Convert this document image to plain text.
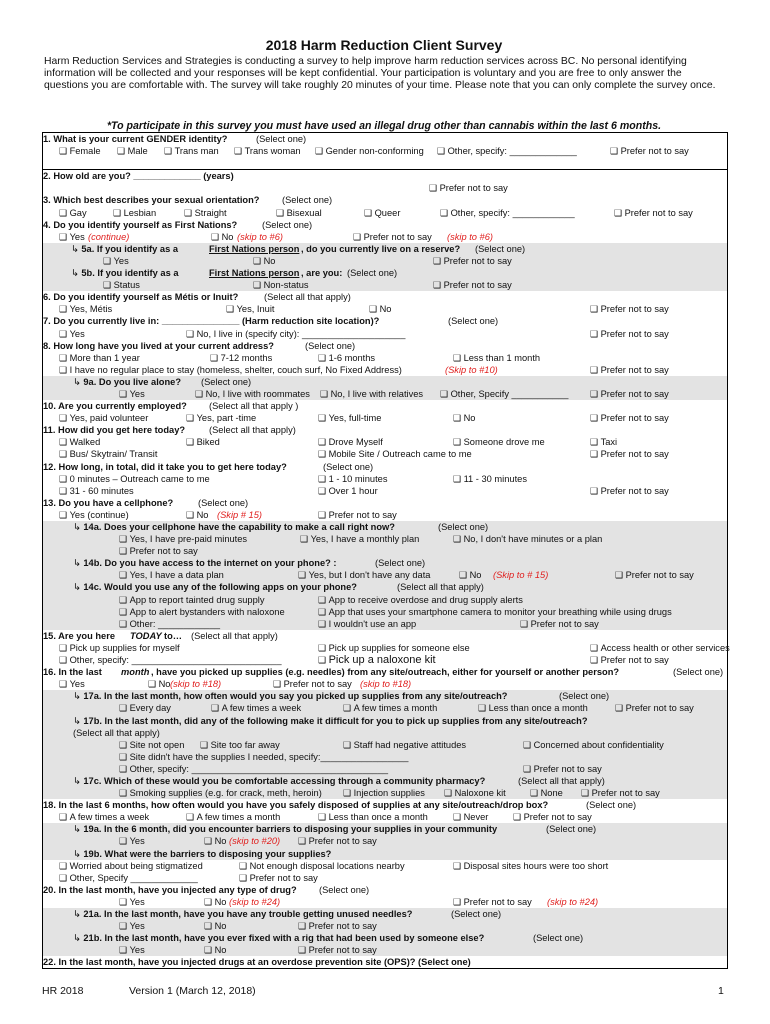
2018 Harm Reduction Client Survey
Harm Reduction Services and Strategies is conducting a survey to help improve harm reduction services across BC. No personal identifying information will be collected and your responses will be kept confidential. Your participation is voluntary and you are free to only answer the questions you are comfortable with. The survey will take roughly 20 minutes of your time. Please note that you can only complete the survey once.
*To participate in this survey you must have used an illegal drug other than cannabis within the last 6 months.
1. What is your current GENDER identity?	(Select one)
❑ Female	❑ Male	❑ Trans man	❑ Trans woman	❑ Gender non-conforming	❑ Other, specify: _____________	❑ Prefer not to say
2. How old are you? _____________ (years)
❑ Prefer not to say
3. Which best describes your sexual orientation? (Select one)
❑ Gay	❑ Lesbian	❑ Straight	❑ Bisexual	❑ Queer	❑ Other, specify: ____________	❑ Prefer not to say
4. Do you identify yourself as First Nations?	(Select one)
❑ Yes (continue)	❑ No (skip to #6)	❑ Prefer not to say (skip to #6)
↳ 5a. If you identify as a	First Nations person , do you currently live on a reserve? (Select one)
❑ Yes	❑ No	❑ Prefer not to say
↳ 5b. If you identify as a	First Nations person , are you: (Select one)
❑ Status	❑ Non-status	❑ Prefer not to say
6. Do you identify yourself as Métis or Inuit?	(Select all that apply)
❑ Yes, Métis	❑ Yes, Inuit	❑ No	❑ Prefer not to say
7. Do you currently live in: _______________ (Harm reduction site location)?	(Select one)
❑ Yes	❑ No, I live in (specify city): ____________________	❑ Prefer not to say
8. How long have you lived at your current address?	(Select one)
❑ More than 1 year	❑ 7-12 months	❑ 1-6 months	❑ Less than 1 month
❑ I have no regular place to stay (homeless, shelter, couch surf, No Fixed Address)	(Skip to #10)	❑ Prefer not to say
↳ 9a. Do you live alone? (Select one)
❑ Yes	❑ No, I live with roommates	❑ No, I live with relatives	❑ Other, Specify ___________	❑ Prefer not to say
10. Are you currently employed? (Select all that apply )
❑ Yes, paid volunteer	❑ Yes, part -time	❑ Yes, full-time	❑ No	❑ Prefer not to say
11. How did you get here today?	(Select all that apply)
❑ Walked	❑ Biked	❑ Drove Myself	❑ Someone drove me	❑ Taxi
❑ Bus/ Skytrain/ Transit	❑ Mobile Site / Outreach came to me	❑ Prefer not to say
12. How long, in total, did it take you to get here today?	(Select one)
❑ 0 minutes – Outreach came to me	❑ 1 - 10 minutes	❑ 11 - 30 minutes
❑ 31 - 60 minutes	❑ Over 1 hour	❑ Prefer not to say
13. Do you have a cellphone?	(Select one)
❑ Yes (continue)	❑ No (Skip # 15)	❑ Prefer not to say
↳ 14a. Does your cellphone have the capability to make a call right now?	(Select one)
❑ Yes, I have pre-paid minutes	❑ Yes, I have a monthly plan	❑ No, I don't have minutes or a plan
❑ Prefer not to say
↳ 14b. Do you have access to the internet on your phone? :	(Select one)
❑ Yes, I have a data plan	❑ Yes, but I don't have any data	❑ No (Skip to # 15)	❑ Prefer not to say
↳ 14c. Would you use any of the following apps on your phone?	(Select all that apply)
❑ App to report tainted drug supply	❑ App to receive overdose and drug supply alerts
❑ App to alert bystanders with naloxone	❑ App that uses your smartphone camera to monitor your breathing while using drugs
❑ Other: ____________	❑ I wouldn't use an app	❑ Prefer not to say
15. Are you here TODAY to… (Select all that apply)
❑ Pick up supplies for myself	❑ Pick up supplies for someone else	❑ Access health or other services
❑ Other, specify: _____________________________	❑ Pick up a naloxone kit	❑ Prefer not to say
16. In the last month , have you picked up supplies (e.g. needles) from any site/outreach, either for yourself or another person?	(Select one)
❑ Yes	❑ No (skip to #18)	❑ Prefer not to say (skip to #18)
↳ 17a. In the last month, how often would you say you picked up supplies from any site/outreach?	(Select one)
❑ Every day	❑ A few times a week	❑ A few times a month	❑ Less than once a month	❑ Prefer not to say
↳ 17b. In the last month, did any of the following make it difficult for you to pick up supplies from any site/outreach?
(Select all that apply)
❑ Site not open	❑ Site too far away	❑ Staff had negative attitudes	❑ Concerned about confidentiality
❑ Site didn't have the supplies I needed, specify:_________________
❑ Other, specify: ______________________________________	❑ Prefer not to say
↳ 17c. Which of these would you be comfortable accessing through a community pharmacy?	(Select all that apply)
❑ Smoking supplies (e.g. for crack, meth, heroin)	❑ Injection supplies	❑ Naloxone kit	❑ None	❑ Prefer not to say
18. In the last 6 months, how often would you have you safely disposed of supplies at any site/outreach/drop box?	(Select one)
❑ A few times a week	❑ A few times a month	❑ Less than once a month	❑ Never	❑ Prefer not to say
↳ 19a. In the 6 month, did you encounter barriers to disposing your supplies in your community	(Select one)
❑ Yes	❑ No (skip to #20)	❑ Prefer not to say
↳ 19b. What were the barriers to disposing your supplies?
❑ Worried about being stigmatized	❑ Not enough disposal locations nearby	❑ Disposal sites hours were too short
❑ Other, Specify _____________	❑ Prefer not to say
20. In the last month, have you injected any type of drug? (Select one)
❑ Yes	❑ No (skip to #24)	❑ Prefer not to say (skip to #24)
↳ 21a. In the last month, have you have any trouble getting unused needles?	(Select one)
❑ Yes	❑ No	❑ Prefer not to say
↳ 21b. In the last month, have you ever fixed with a rig that had been used by someone else?	(Select one)
❑ Yes	❑ No	❑ Prefer not to say
22. In the last month, have you injected drugs at an overdose prevention site (OPS)? (Select one)
HR 2018	Version 1 (March 12, 2018)	1
